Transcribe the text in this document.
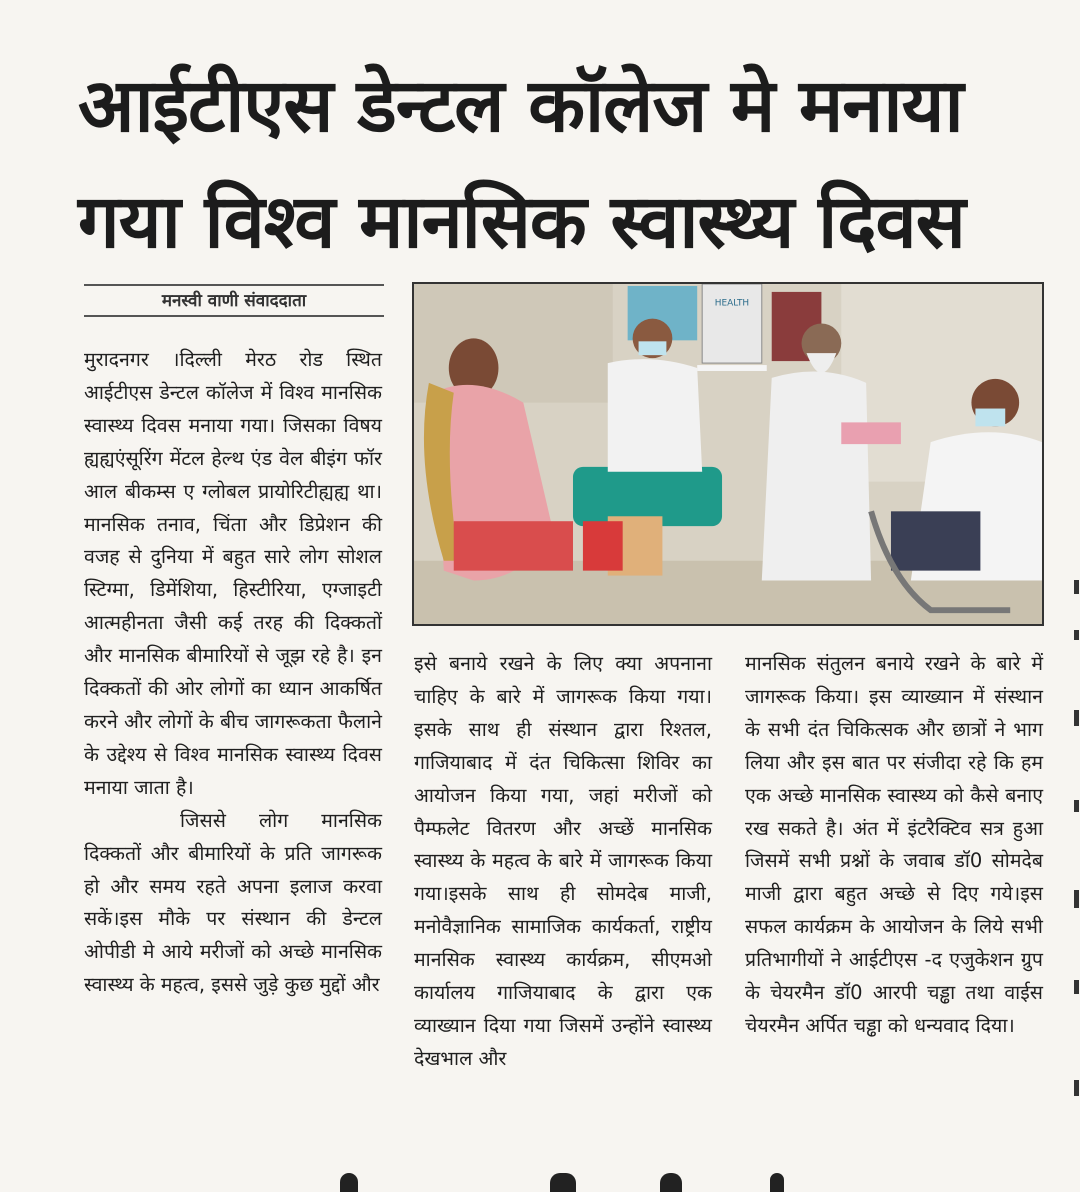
आईटीएस डेन्टल कॉलेज मे मनाया गया विश्व मानसिक स्वास्थ्य दिवस
मनस्वी वाणी संवाददाता	HEALTH

मुरादनगर ।दिल्ली मेरठ रोड स्थित आईटीएस डेन्टल कॉलेज में विश्व मानसिक स्वास्थ्य दिवस मनाया गया। जिसका विषय ह्यह्यएंसूरिंग मेंटल हेल्थ एंड वेल बीइंग फॉर आल बीकम्स ए ग्लोबल प्रायोरिटीह्यह्य था। मानसिक तनाव, चिंता और डिप्रेशन की वजह से दुनिया में बहुत सारे लोग सोशल स्टिग्मा, डिमेंशिया, हिस्टीरिया, एग्जाइटी आत्महीनता जैसी कई तरह की दिक्कतों और मानसिक बीमारियों से जूझ रहे है। इन दिक्कतों की ओर लोगों का ध्यान आकर्षित करने और लोगों के बीच जागरूकता फैलाने के उद्देश्य से विश्व मानसिक स्वास्थ्य दिवस मनाया जाता है।

जिससे लोग मानसिक दिक्कतों और बीमारियों के प्रति जागरूक हो और समय रहते अपना इलाज करवा सकें।इस मौके पर संस्थान की डेन्टल ओपीडी मे आये मरीजों को अच्छे मानसिक स्वास्थ्य के महत्व, इससे जुड़े कुछ मुद्दों और

इसे बनाये रखने के लिए क्या अपनाना चाहिए के बारे में जागरूक किया गया। इसके साथ ही संस्थान द्वारा रिश्तल, गाजियाबाद में दंत चिकित्सा शिविर का आयोजन किया गया, जहां मरीजों को पैम्फलेट वितरण और अच्छें मानसिक स्वास्थ्य के महत्व के बारे में जागरूक किया गया।इसके साथ ही सोमदेब माजी, मनोवैज्ञानिक सामाजिक कार्यकर्ता, राष्ट्रीय मानसिक स्वास्थ्य कार्यक्रम, सीएमओ कार्यालय गाजियाबाद के द्वारा एक व्याख्यान दिया गया जिसमें उन्होंने स्वास्थ्य देखभाल और

मानसिक संतुलन बनाये रखने के बारे में जागरूक किया। इस व्याख्यान में संस्थान के सभी दंत चिकित्सक और छात्रों ने भाग लिया और इस बात पर संजीदा रहे कि हम एक अच्छे मानसिक स्वास्थ्य को कैसे बनाए रख सकते है। अंत में इंटरैक्टिव सत्र हुआ जिसमें सभी प्रश्नों के जवाब डॉ0 सोमदेब माजी द्वारा बहुत अच्छे से दिए गये।इस सफल कार्यक्रम के आयोजन के लिये सभी प्रतिभागीयों ने आईटीएस -द एजुकेशन ग्रुप के चेयरमैन डॉ0 आरपी चड्ढा तथा वाईस चेयरमैन अर्पित चड्ढा को धन्यवाद दिया।
